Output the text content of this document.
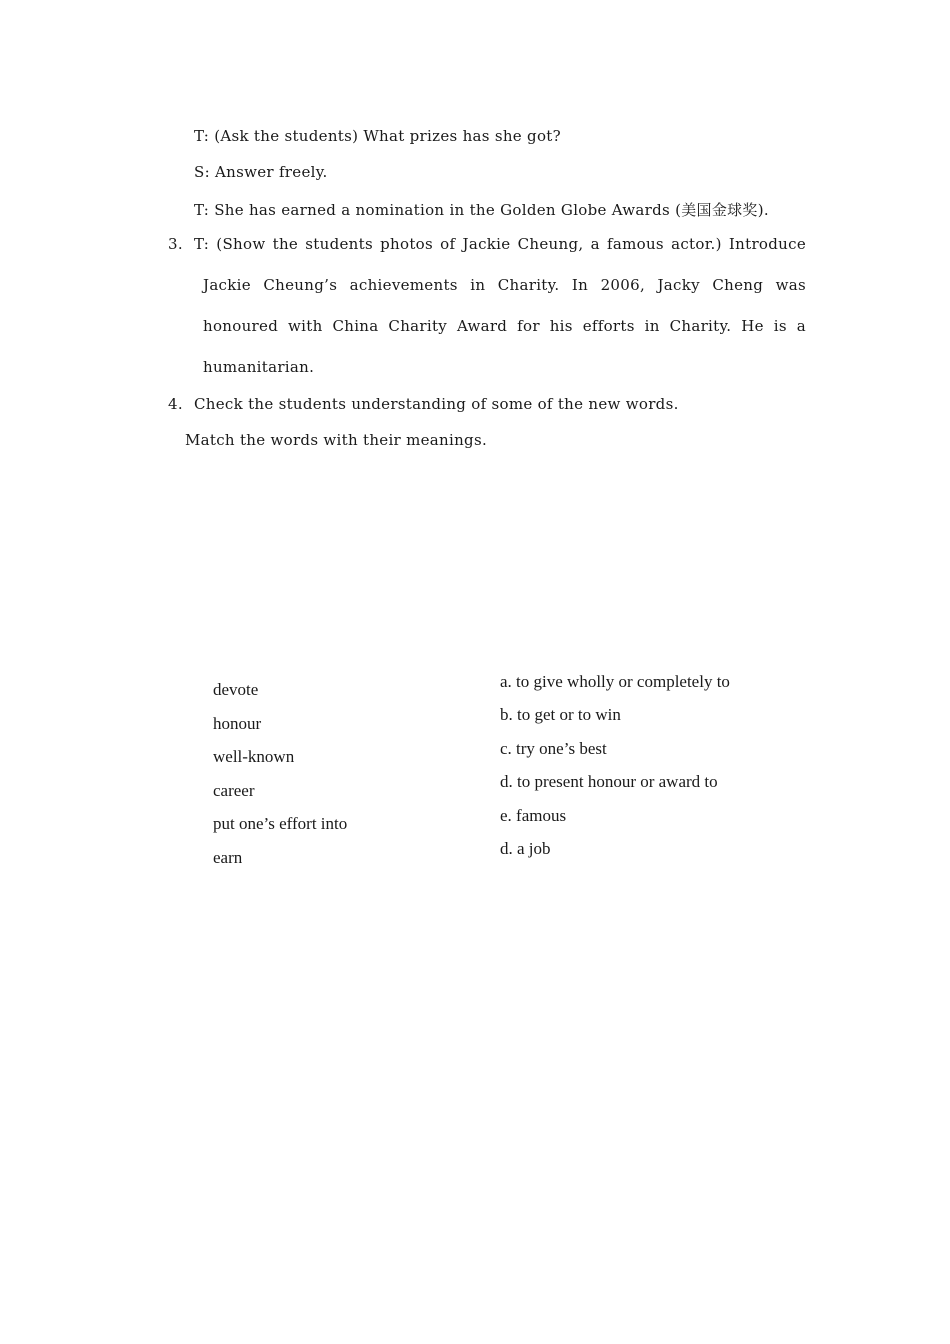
T: (Ask the students) What prizes has she got?
S: Answer freely.
T: She has earned a nomination in the Golden Globe Awards (美国金球奖).
3. T: (Show the students photos of Jackie Cheung, a famous actor.) Introduce
Jackie Cheung’s achievements in Charity. In 2006, Jacky Cheng was
honoured with China Charity Award for his efforts in Charity. He is a
humanitarian.
4. Check the students understanding of some of the new words.
Match the words with their meanings.
devote
honour
well-known
career
put one’s effort into
earn
a. to give wholly or completely to
b. to get or to win
c. try one’s best
d. to present honour or award to
e. famous
d. a job
